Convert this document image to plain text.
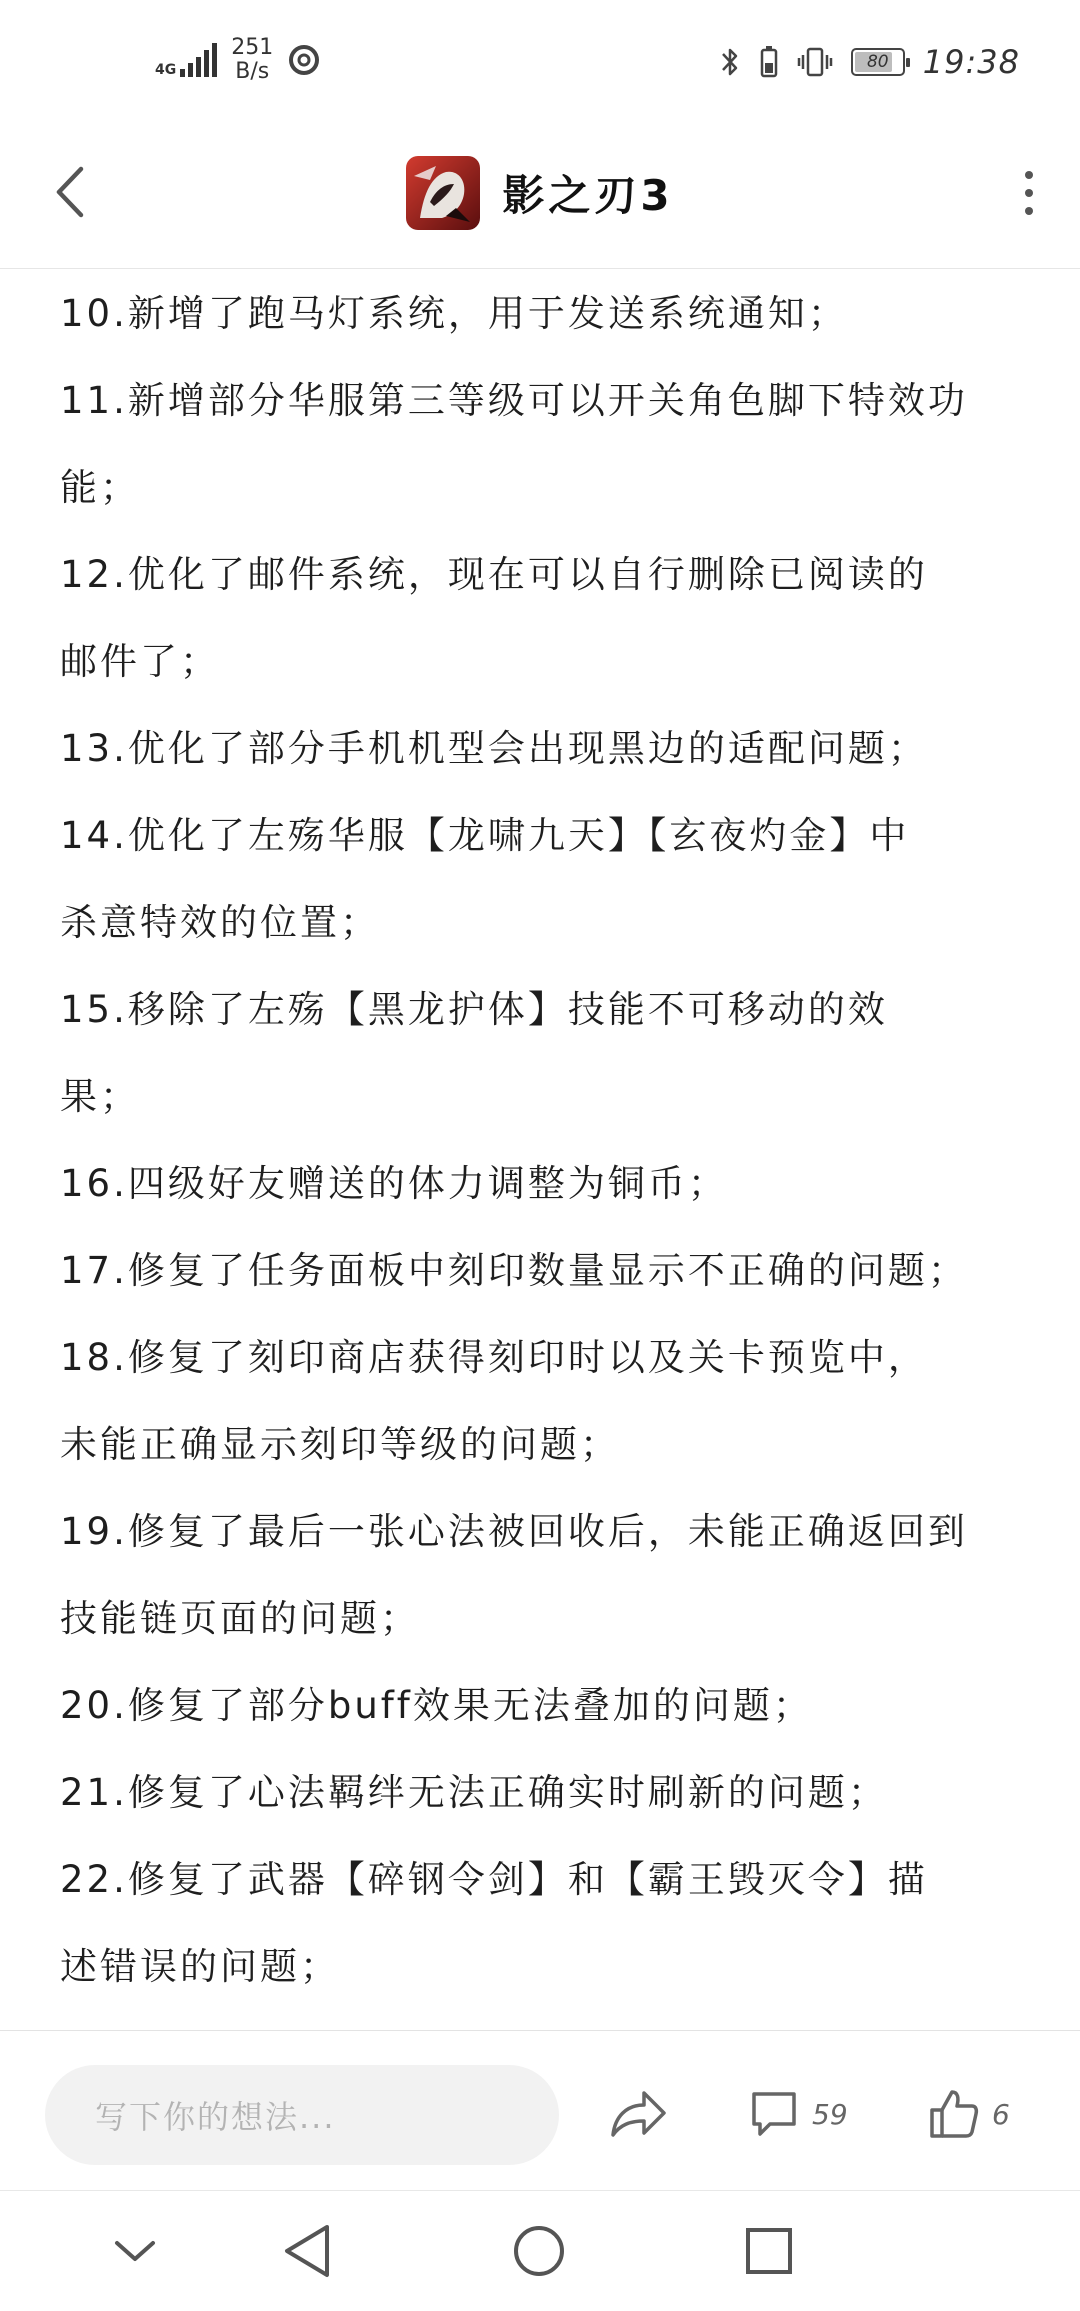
4G
251
B/s	80 19:38
影之刃3
10.新增了跑马灯系统，用于发送系统通知；
11.新增部分华服第三等级可以开关角色脚下特效功
能；
12.优化了邮件系统，现在可以自行删除已阅读的
邮件了；
13.优化了部分手机机型会出现黑边的适配问题；
14.优化了左殇华服【龙啸九天】【玄夜灼金】中
杀意特效的位置；
15.移除了左殇【黑龙护体】技能不可移动的效
果；
16.四级好友赠送的体力调整为铜币；
17.修复了任务面板中刻印数量显示不正确的问题；
18.修复了刻印商店获得刻印时以及关卡预览中，
未能正确显示刻印等级的问题；
19.修复了最后一张心法被回收后，未能正确返回到
技能链页面的问题；
20.修复了部分buff效果无法叠加的问题；
21.修复了心法羁绊无法正确实时刷新的问题；
22.修复了武器【碎钢令剑】和【霸王毁灭令】描
述错误的问题；
写下你的想法...	59	6
